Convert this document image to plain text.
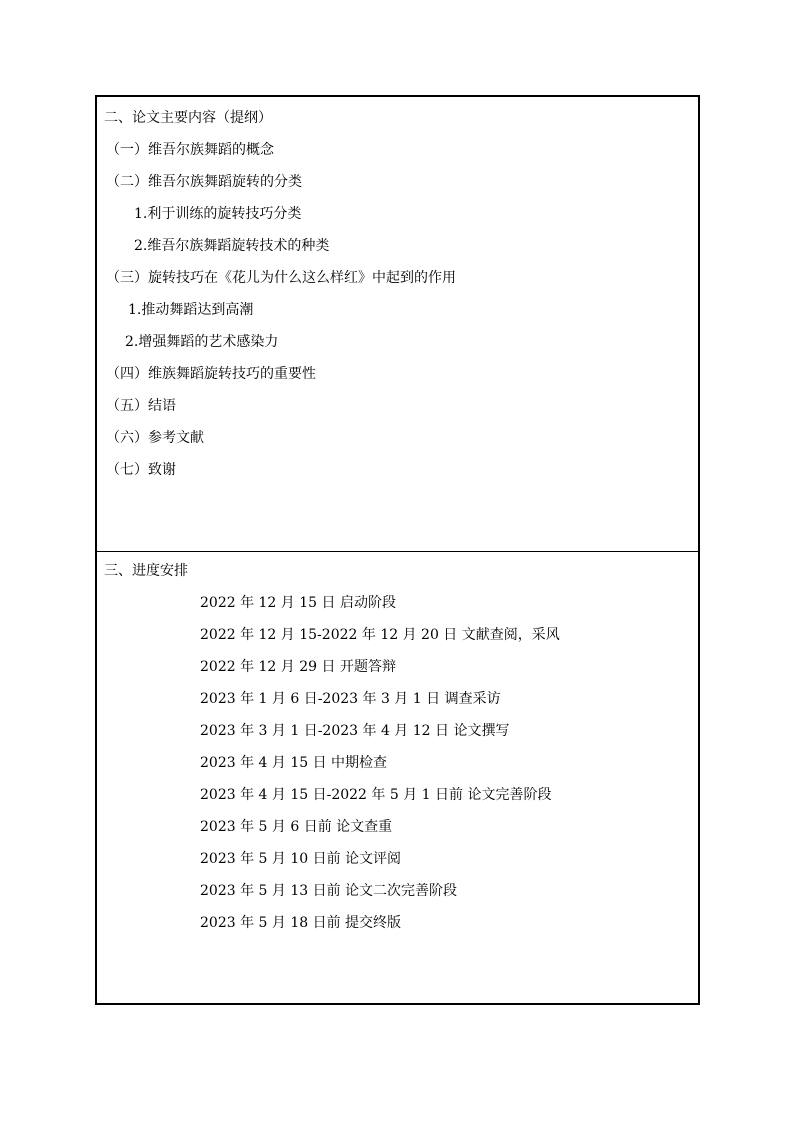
二、论文主要内容（提纲）
（一）维吾尔族舞蹈的概念
（二）维吾尔族舞蹈旋转的分类
1.利于训练的旋转技巧分类
2.维吾尔族舞蹈旋转技术的种类
（三）旋转技巧在《花儿为什么这么样红》中起到的作用
1.推动舞蹈达到高潮
2.增强舞蹈的艺术感染力
（四）维族舞蹈旋转技巧的重要性
（五）结语
（六）参考文献
（七）致谢
三、进度安排
2022 年 12 月 15 日 启动阶段
2022 年 12 月 15-2022 年 12 月 20 日 文献查阅，采风
2022 年 12 月 29 日 开题答辩
2023 年 1 月 6 日-2023 年 3 月 1 日 调查采访
2023 年 3 月 1 日-2023 年 4 月 12 日 论文撰写
2023 年 4 月 15 日 中期检查
2023 年 4 月 15 日-2022 年 5 月 1 日前 论文完善阶段
2023 年 5 月 6 日前 论文查重
2023 年 5 月 10 日前 论文评阅
2023 年 5 月 13 日前 论文二次完善阶段
2023 年 5 月 18 日前 提交终版
